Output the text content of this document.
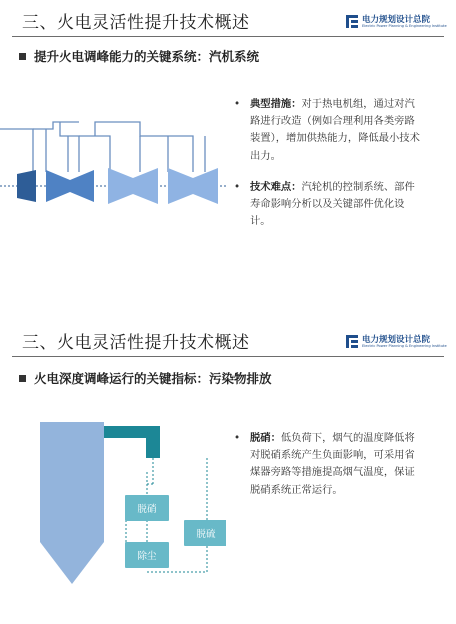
三、火电灵活性提升技术概述	电力规划设计总院
Electric Power Planning & Engineering Institute
提升火电调峰能力的关键系统：汽机系统
• 典型措施：对于热电机组，通过对汽路进行改造（例如合理利用各类旁路装置），增加供热能力，降低最小技术出力。
• 技术难点：汽轮机的控制系统、部件寿命影响分析以及关键部件优化设计。
三、火电灵活性提升技术概述	电力规划设计总院
Electric Power Planning & Engineering Institute
火电深度调峰运行的关键指标：污染物排放
脱硝
除尘
脱硫
• 脱硝：低负荷下，烟气的温度降低将对脱硝系统产生负面影响，可采用省煤器旁路等措施提高烟气温度，保证脱硝系统正常运行。
